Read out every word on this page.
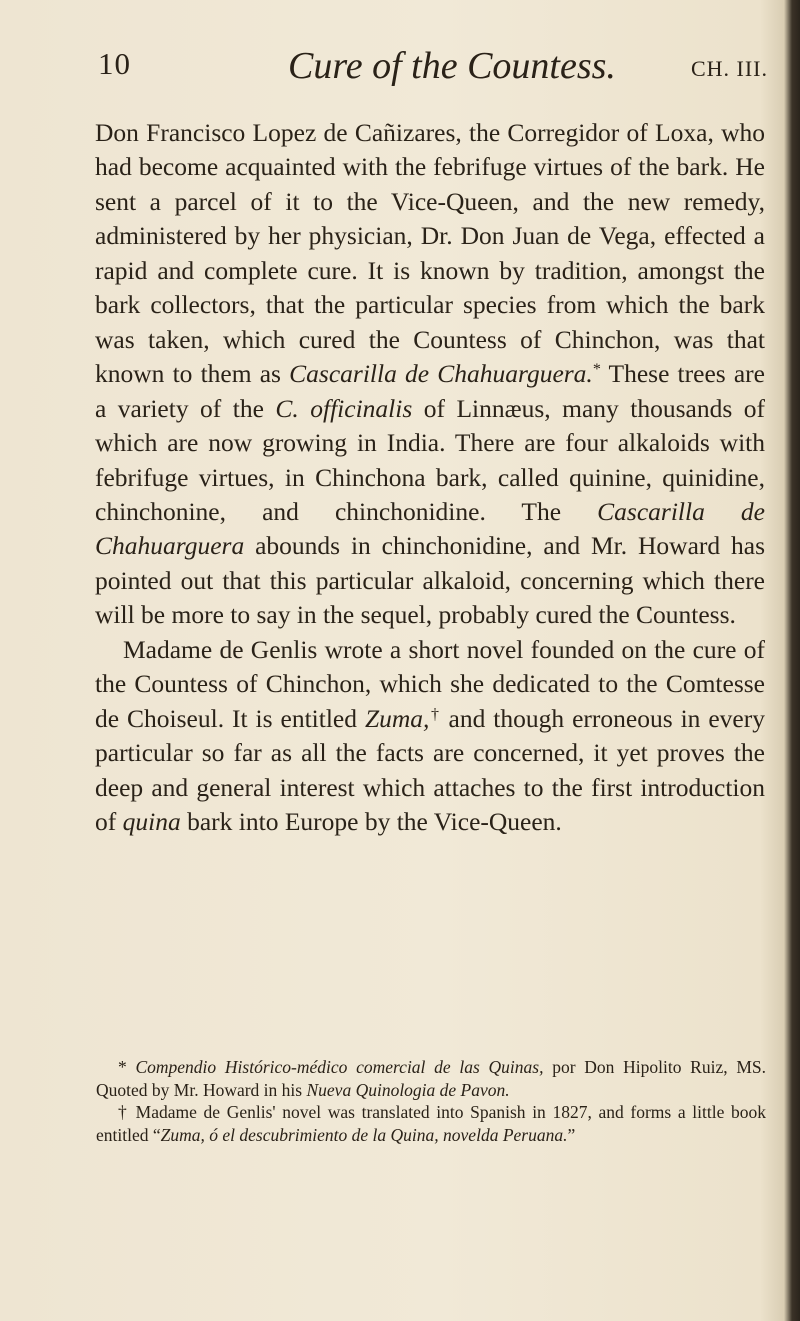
10	Cure of the Countess.	CH. III.

Don Francisco Lopez de Cañizares, the Corregidor of Loxa, who had become acquainted with the febrifuge virtues of the bark. He sent a parcel of it to the Vice-Queen, and the new remedy, administered by her physician, Dr. Don Juan de Vega, effected a rapid and complete cure. It is known by tradition, amongst the bark collectors, that the particular species from which the bark was taken, which cured the Countess of Chinchon, was that known to them as Cascarilla de Chahuarguera.* These trees are a variety of the C. officinalis of Linnæus, many thousands of which are now growing in India. There are four alkaloids with febrifuge virtues, in Chinchona bark, called quinine, quinidine, chinchonine, and chinchonidine. The Cascarilla de Chahuarguera abounds in chinchonidine, and Mr. Howard has pointed out that this particular alkaloid, concerning which there will be more to say in the sequel, probably cured the Countess.

Madame de Genlis wrote a short novel founded on the cure of the Countess of Chinchon, which she dedicated to the Comtesse de Choiseul. It is entitled Zuma,† and though erroneous in every particular so far as all the facts are concerned, it yet proves the deep and general interest which attaches to the first introduction of quina bark into Europe by the Vice-Queen.

* Compendio Histórico-médico comercial de las Quinas, por Don Hipolito Ruiz, MS. Quoted by Mr. Howard in his Nueva Quinologia de Pavon.

† Madame de Genlis' novel was translated into Spanish in 1827, and forms a little book entitled “Zuma, ó el descubrimiento de la Quina, novelda Peruana.”
